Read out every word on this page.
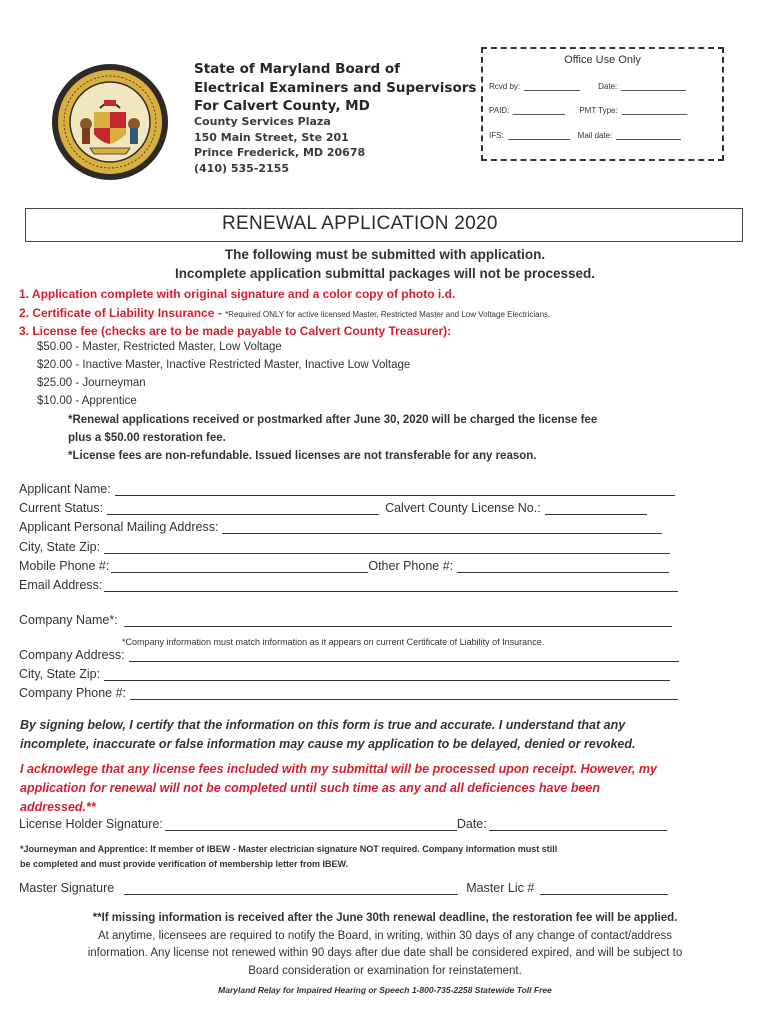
State of Maryland Board of
Electrical Examiners and Supervisors
For Calvert County, MD
County Services Plaza
150 Main Street, Ste 201
Prince Frederick, MD 20678
(410) 535-2155
Office Use Only
Rcvd by:	Date:
PAID:	PMT Type:
IFS:	Mail date:
RENEWAL APPLICATION 2020
The following must be submitted with application.
Incomplete application submittal packages will not be processed.
1. Application complete with original signature and a color copy of photo i.d.
2. Certificate of Liability Insurance - *Required ONLY for active licensed Master, Restricted Master and Low Voltage Electricians.
3. License fee (checks are to be made payable to Calvert County Treasurer):
$50.00 - Master, Restricted Master, Low Voltage
$20.00 - Inactive Master, Inactive Restricted Master, Inactive Low Voltage
$25.00 - Journeyman
$10.00 - Apprentice
*Renewal applications received or postmarked after June 30, 2020 will be charged the license fee
plus a $50.00 restoration fee.
*License fees are non-refundable. Issued licenses are not transferable for any reason.
Applicant Name:
Current Status:	Calvert County License No.:
Applicant Personal Mailing Address:
City, State Zip:
Mobile Phone #:	Other Phone #:
Email Address:
Company Name*:
*Company information must match information as it appears on current Certificate of Liability of Insurance.
Company Address:
City, State Zip:
Company Phone #:
By signing below, I certify that the information on this form is true and accurate. I understand that any
incomplete, inaccurate or false information may cause my application to be delayed, denied or revoked.
I acknowlege that any license fees included with my submittal will be processed upon receipt. However, my
application for renewal will not be completed until such time as any and all deficiences have been
addressed.**
License Holder Signature:	Date:
*Journeyman and Apprentice: If member of IBEW - Master electrician signature NOT required. Company information must still
be completed and must provide verification of membership letter from IBEW.
Master Signature	Master Lic #
**If missing information is received after the June 30th renewal deadline, the restoration fee will be applied.
At anytime, licensees are required to notify the Board, in writing, within 30 days of any change of contact/address
information. Any license not renewed within 90 days after due date shall be considered expired, and will be subject to
Board consideration or examination for reinstatement.
Maryland Relay for Impaired Hearing or Speech 1-800-735-2258 Statewide Toll Free
